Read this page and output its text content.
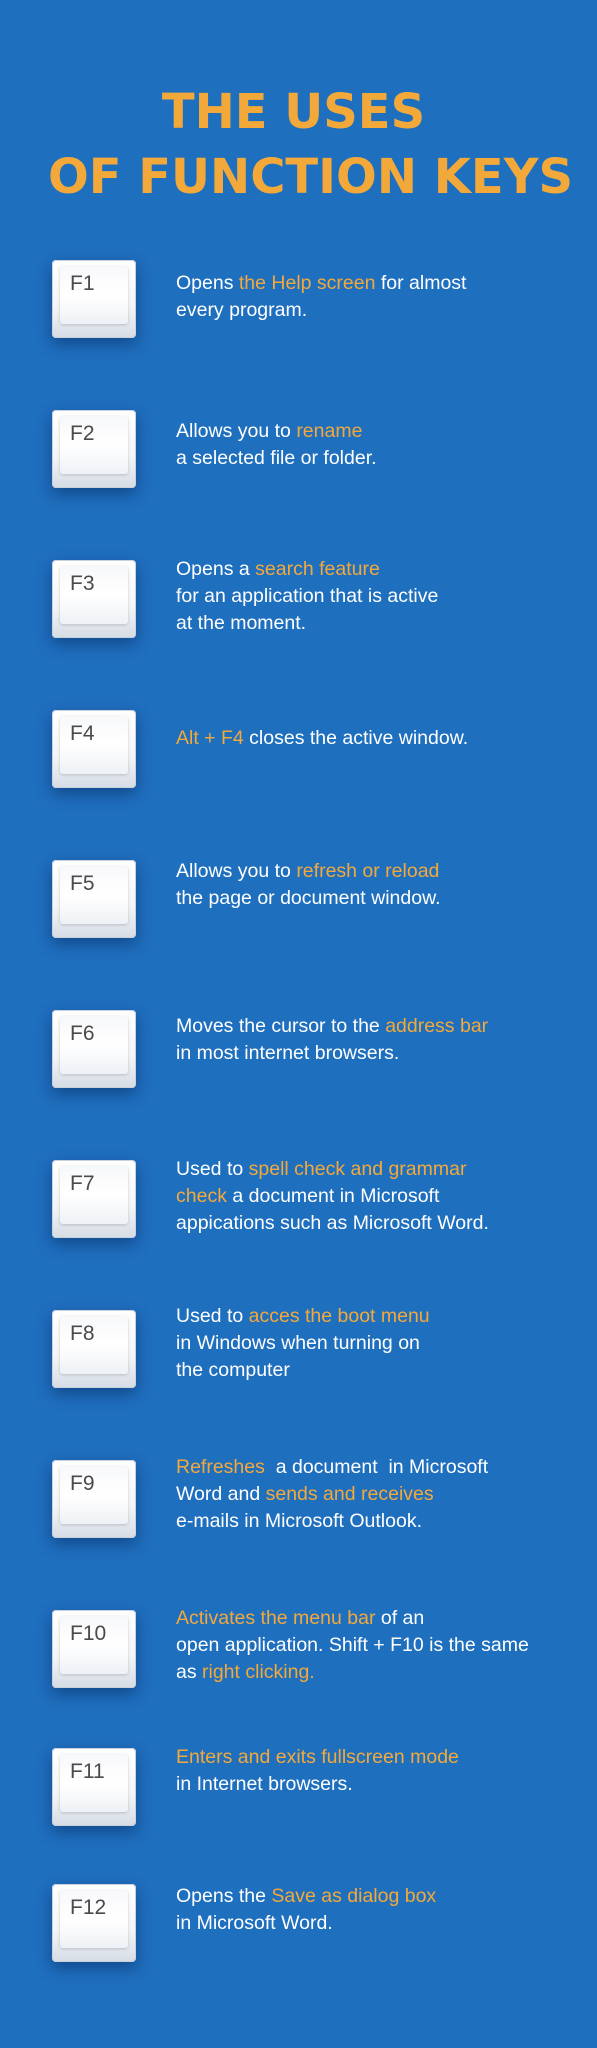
THE USES
OF FUNCTION KEYS
F1	Opens the Help screen for almost
every program.
F2	Allows you to rename
a selected file or folder.
F3
Opens a search feature
for an application that is active
at the moment.
F4	Alt + F4 closes the active window.
F5
Allows you to refresh or reload
the page or document window.
F6	Moves the cursor to the address bar
in most internet browsers.
F7
Used to spell check and grammar
check a document in Microsoft
appications such as Microsoft Word.
F8
Used to acces the boot menu
in Windows when turning on
the computer
F9
Refreshes  a document  in Microsoft
Word and sends and receives
e-mails in Microsoft Outlook.
F10
Activates the menu bar of an
open application. Shift + F10 is the same
as right clicking.
F11
Enters and exits fullscreen mode
in Internet browsers.
F12	Opens the Save as dialog box
in Microsoft Word.
